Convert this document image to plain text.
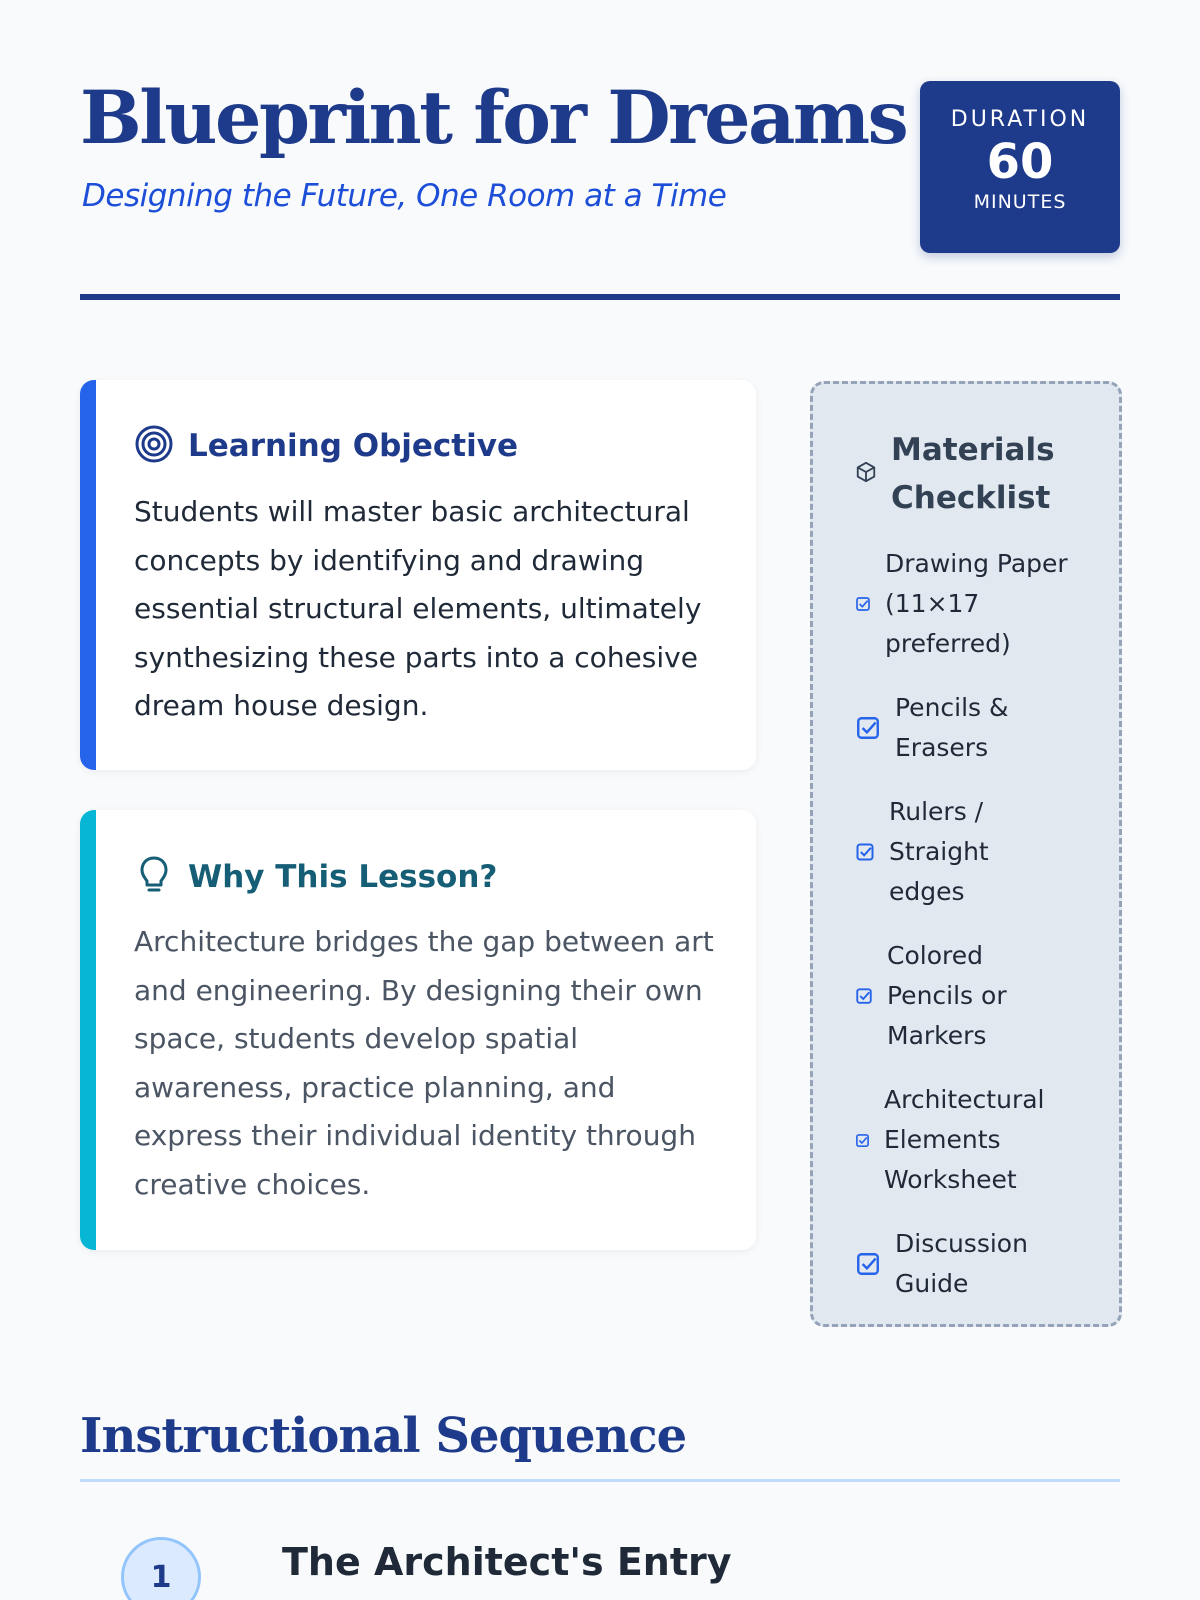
Blueprint for Dreams
Designing the Future, One Room at a Time
DURATION
60
MINUTES
Learning Objective

Students will master basic architectural concepts by identifying and drawing essential structural elements, ultimately synthesizing these parts into a cohesive dream house design.

Why This Lesson?

Architecture bridges the gap between art and engineering. By designing their own space, students develop spatial awareness, practice planning, and express their individual identity through creative choices.

Materials Checklist
Drawing Paper (11×17 preferred)
Pencils & Erasers
Rulers / Straight edges
Colored Pencils or Markers
Architectural Elements Worksheet
Discussion Guide
Instructional Sequence
1	The Architect's Entry
